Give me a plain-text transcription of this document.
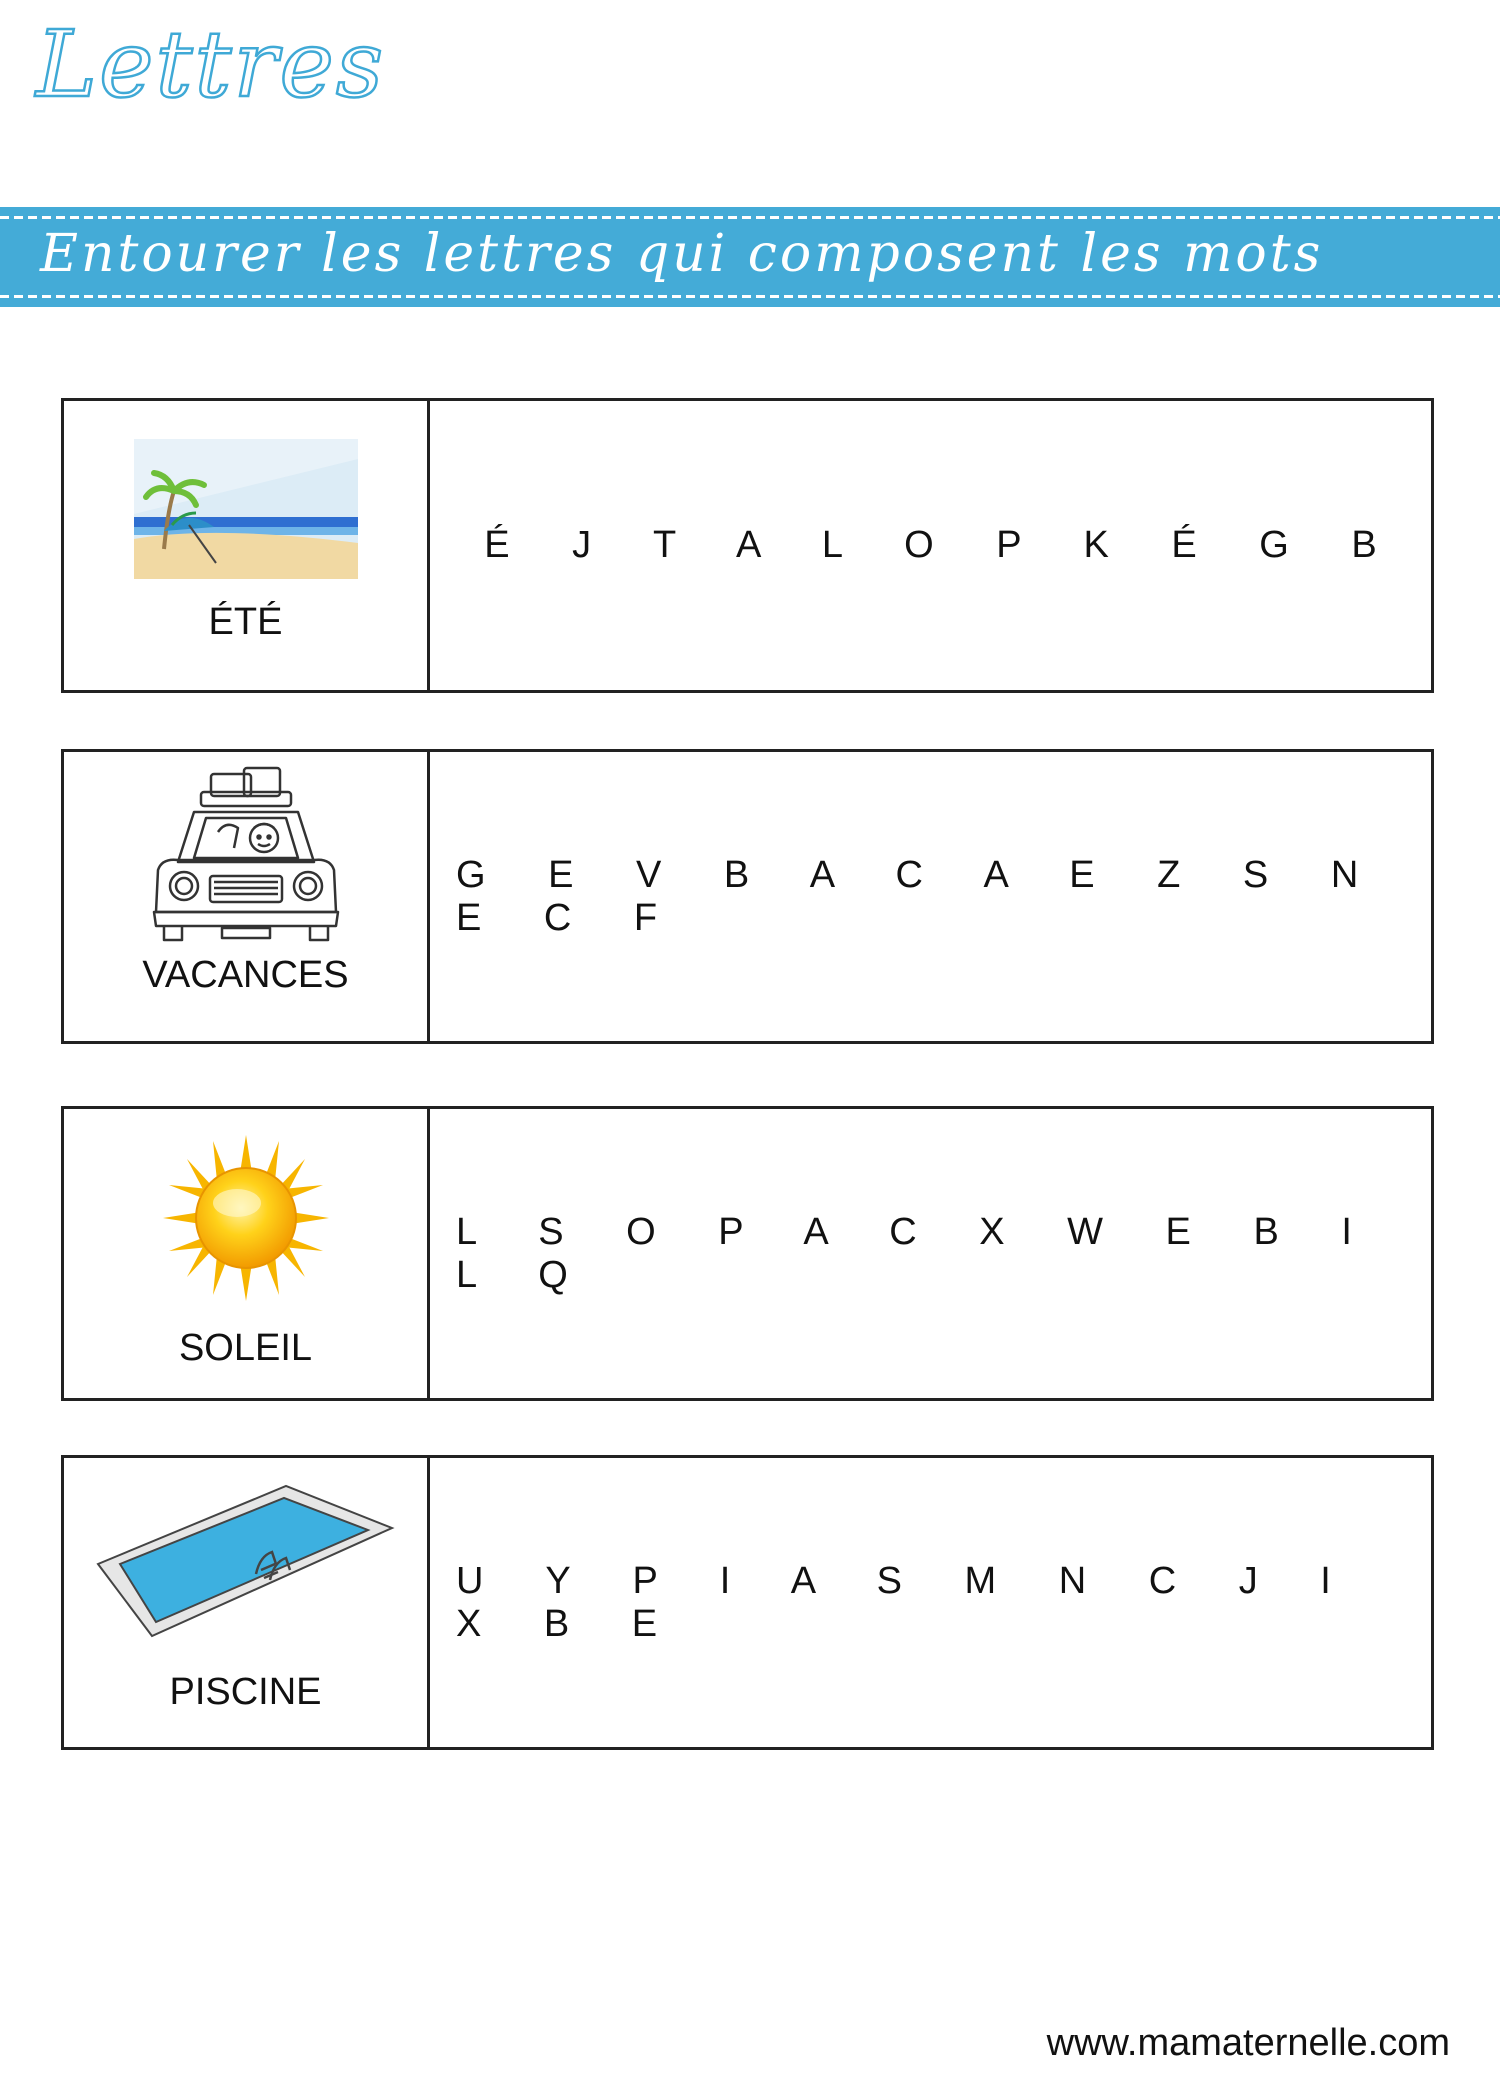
Lettres
Entourer les lettres qui composent les mots
ÉTÉ
É J T A L O P K É G B
VACANCES
G E V B A C A E Z S N E C F
SOLEIL
L S O P A C X W E B I L Q
PISCINE
U Y P I A S M N C J I X B E
www.mamaternelle.com
